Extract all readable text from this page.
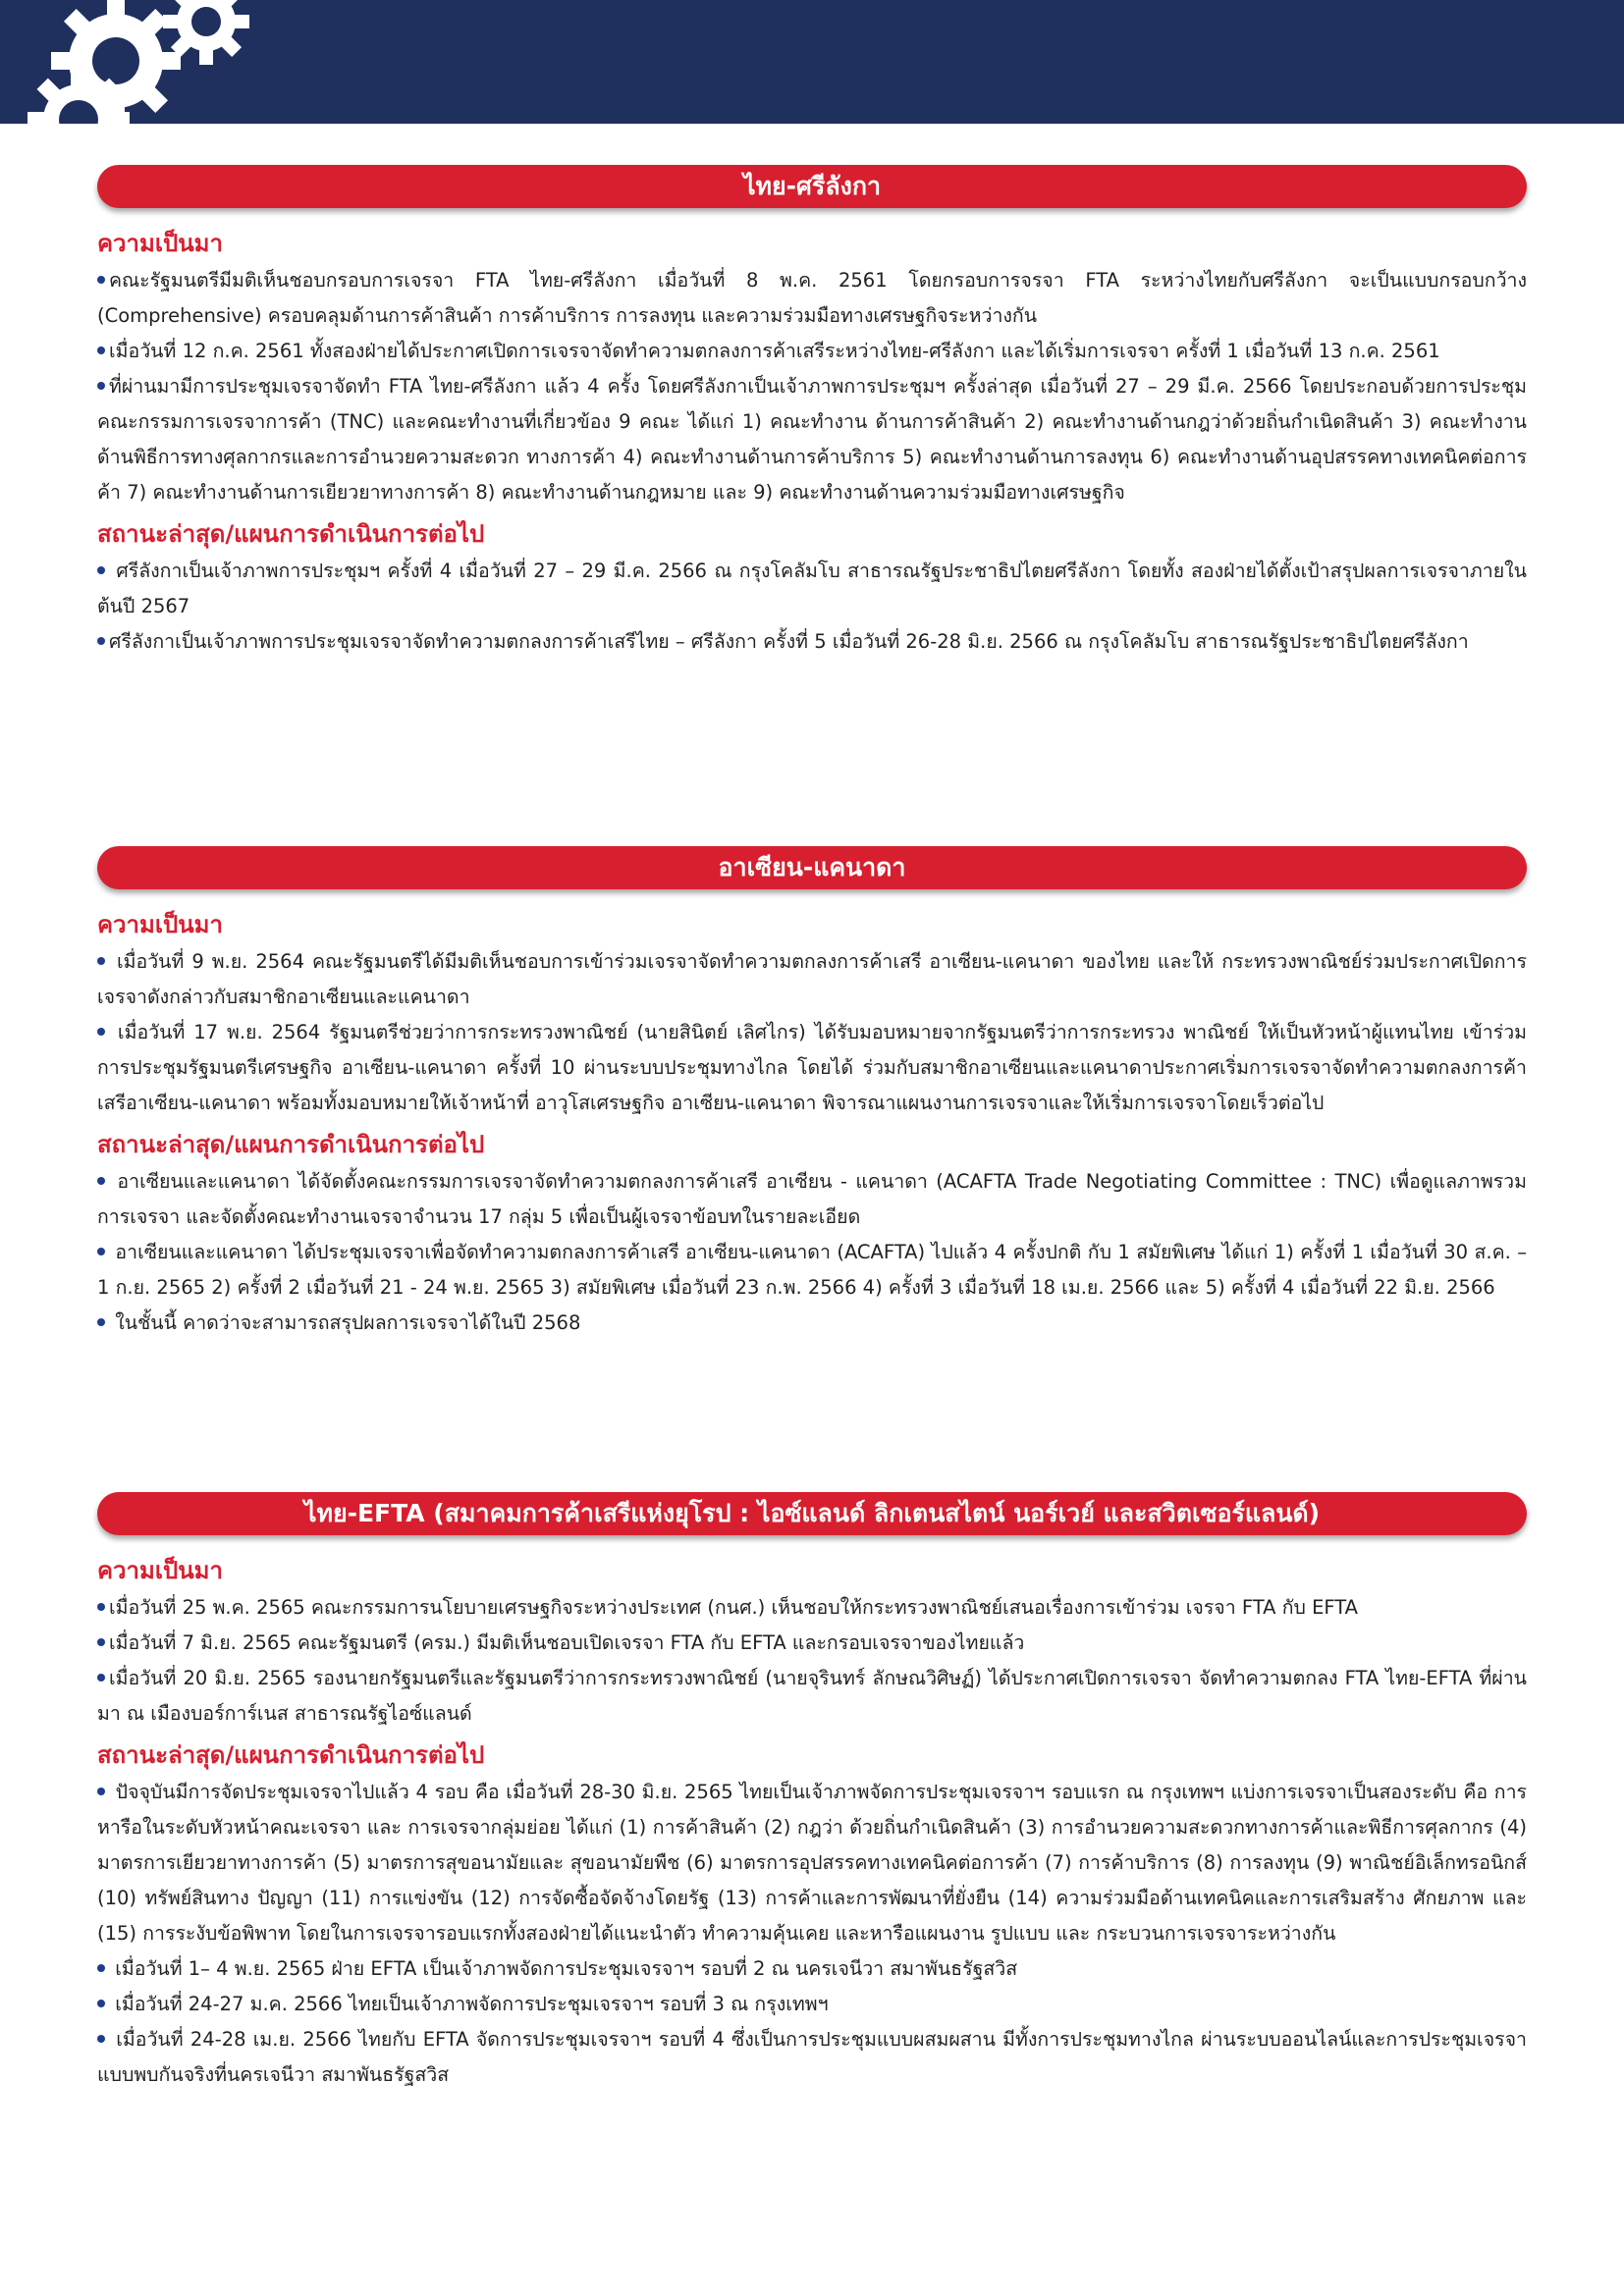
ไทย-ศรีลังกา
ความเป็นมา

คณะรัฐมนตรีมีมติเห็นชอบกรอบการเจรจา FTA ไทย-ศรีลังกา เมื่อวันที่ 8 พ.ค. 2561 โดยกรอบการจรจา FTA ระหว่างไทยกับศรีลังกา จะเป็นแบบกรอบกว้าง (Comprehensive) ครอบคลุมด้านการค้าสินค้า การค้าบริการ การลงทุน และความร่วมมือทางเศรษฐกิจระหว่างกัน

เมื่อวันที่ 12 ก.ค. 2561 ทั้งสองฝ่ายได้ประกาศเปิดการเจรจาจัดทำความตกลงการค้าเสรีระหว่างไทย-ศรีลังกา และได้เริ่มการเจรจา ครั้งที่ 1 เมื่อวันที่ 13 ก.ค. 2561

ที่ผ่านมามีการประชุมเจรจาจัดทำ FTA ไทย-ศรีลังกา แล้ว 4 ครั้ง โดยศรีลังกาเป็นเจ้าภาพการประชุมฯ ครั้งล่าสุด เมื่อวันที่ 27 – 29 มี.ค. 2566 โดยประกอบด้วยการประชุมคณะกรรมการเจรจาการค้า (TNC) และคณะทำงานที่เกี่ยวข้อง 9 คณะ ได้แก่ 1) คณะทำงาน ด้านการค้าสินค้า 2) คณะทำงานด้านกฎว่าด้วยถิ่นกำเนิดสินค้า 3) คณะทำงานด้านพิธีการทางศุลกากรและการอำนวยความสะดวก ทางการค้า 4) คณะทำงานด้านการค้าบริการ 5) คณะทำงานด้านการลงทุน 6) คณะทำงานด้านอุปสรรคทางเทคนิคต่อการค้า 7) คณะทำงานด้านการเยียวยาทางการค้า 8) คณะทำงานด้านกฎหมาย และ 9) คณะทำงานด้านความร่วมมือทางเศรษฐกิจ

สถานะล่าสุด/แผนการดำเนินการต่อไป

ศรีลังกาเป็นเจ้าภาพการประชุมฯ ครั้งที่ 4 เมื่อวันที่ 27 – 29 มี.ค. 2566 ณ กรุงโคลัมโบ สาธารณรัฐประชาธิปไตยศรีลังกา โดยทั้ง สองฝ่ายได้ตั้งเป้าสรุปผลการเจรจาภายในต้นปี 2567

ศรีลังกาเป็นเจ้าภาพการประชุมเจรจาจัดทำความตกลงการค้าเสรีไทย – ศรีลังกา ครั้งที่ 5 เมื่อวันที่ 26-28 มิ.ย. 2566 ณ กรุงโคลัมโบ สาธารณรัฐประชาธิปไตยศรีลังกา

อาเซียน-แคนาดา
ความเป็นมา

เมื่อวันที่ 9 พ.ย. 2564 คณะรัฐมนตรีได้มีมติเห็นชอบการเข้าร่วมเจรจาจัดทำความตกลงการค้าเสรี อาเซียน-แคนาดา ของไทย และให้ กระทรวงพาณิชย์ร่วมประกาศเปิดการเจรจาดังกล่าวกับสมาชิกอาเซียนและแคนาดา

เมื่อวันที่ 17 พ.ย. 2564 รัฐมนตรีช่วยว่าการกระทรวงพาณิชย์ (นายสินิตย์ เลิศไกร) ได้รับมอบหมายจากรัฐมนตรีว่าการกระทรวง พาณิชย์ ให้เป็นหัวหน้าผู้แทนไทย เข้าร่วมการประชุมรัฐมนตรีเศรษฐกิจ อาเซียน-แคนาดา ครั้งที่ 10 ผ่านระบบประชุมทางไกล โดยได้ ร่วมกับสมาชิกอาเซียนและแคนาดาประกาศเริ่มการเจรจาจัดทำความตกลงการค้าเสรีอาเซียน-แคนาดา พร้อมทั้งมอบหมายให้เจ้าหน้าที่ อาวุโสเศรษฐกิจ อาเซียน-แคนาดา พิจารณาแผนงานการเจรจาและให้เริ่มการเจรจาโดยเร็วต่อไป

สถานะล่าสุด/แผนการดำเนินการต่อไป

อาเซียนและแคนาดา ได้จัดตั้งคณะกรรมการเจรจาจัดทำความตกลงการค้าเสรี อาเซียน - แคนาดา (ACAFTA Trade Negotiating Committee : TNC) เพื่อดูแลภาพรวมการเจรจา และจัดตั้งคณะทำงานเจรจาจำนวน 17 กลุ่ม 5 เพื่อเป็นผู้เจรจาข้อบทในรายละเอียด

อาเซียนและแคนาดา ได้ประชุมเจรจาเพื่อจัดทำความตกลงการค้าเสรี อาเซียน-แคนาดา (ACAFTA) ไปแล้ว 4 ครั้งปกติ กับ 1 สมัยพิเศษ ได้แก่ 1) ครั้งที่ 1 เมื่อวันที่ 30 ส.ค. – 1 ก.ย. 2565 2) ครั้งที่ 2 เมื่อวันที่ 21 - 24 พ.ย. 2565 3) สมัยพิเศษ เมื่อวันที่ 23 ก.พ. 2566 4) ครั้งที่ 3 เมื่อวันที่ 18 เม.ย. 2566 และ 5) ครั้งที่ 4 เมื่อวันที่ 22 มิ.ย. 2566

ในชั้นนี้ คาดว่าจะสามารถสรุปผลการเจรจาได้ในปี 2568

ไทย-EFTA (สมาคมการค้าเสรีแห่งยุโรป : ไอซ์แลนด์ ลิกเตนสไตน์ นอร์เวย์ และสวิตเซอร์แลนด์)
ความเป็นมา

เมื่อวันที่ 25 พ.ค. 2565 คณะกรรมการนโยบายเศรษฐกิจระหว่างประเทศ (กนศ.) เห็นชอบให้กระทรวงพาณิชย์เสนอเรื่องการเข้าร่วม เจรจา FTA กับ EFTA

เมื่อวันที่ 7 มิ.ย. 2565 คณะรัฐมนตรี (ครม.) มีมติเห็นชอบเปิดเจรจา FTA กับ EFTA และกรอบเจรจาของไทยแล้ว

เมื่อวันที่ 20 มิ.ย. 2565 รองนายกรัฐมนตรีและรัฐมนตรีว่าการกระทรวงพาณิชย์ (นายจุรินทร์ ลักษณวิศิษฏ์) ได้ประกาศเปิดการเจรจา จัดทำความตกลง FTA ไทย-EFTA ที่ผ่านมา ณ เมืองบอร์การ์เนส สาธารณรัฐไอซ์แลนด์

สถานะล่าสุด/แผนการดำเนินการต่อไป

ปัจจุบันมีการจัดประชุมเจรจาไปแล้ว 4 รอบ คือ เมื่อวันที่ 28-30 มิ.ย. 2565 ไทยเป็นเจ้าภาพจัดการประชุมเจรจาฯ รอบแรก ณ กรุงเทพฯ แบ่งการเจรจาเป็นสองระดับ คือ การหารือในระดับหัวหน้าคณะเจรจา และ การเจรจากลุ่มย่อย ได้แก่ (1) การค้าสินค้า (2) กฎว่า ด้วยถิ่นกำเนิดสินค้า (3) การอำนวยความสะดวกทางการค้าและพิธีการศุลกากร (4) มาตรการเยียวยาทางการค้า (5) มาตรการสุขอนามัยและ สุขอนามัยพืช (6) มาตรการอุปสรรคทางเทคนิคต่อการค้า (7) การค้าบริการ (8) การลงทุน (9) พาณิชย์อิเล็กทรอนิกส์ (10) ทรัพย์สินทาง ปัญญา (11) การแข่งขัน (12) การจัดซื้อจัดจ้างโดยรัฐ (13) การค้าและการพัฒนาที่ยั่งยืน (14) ความร่วมมือด้านเทคนิคและการเสริมสร้าง ศักยภาพ และ (15) การระงับข้อพิพาท โดยในการเจรจารอบแรกทั้งสองฝ่ายได้แนะนำตัว ทำความคุ้นเคย และหารือแผนงาน รูปแบบ และ กระบวนการเจรจาระหว่างกัน

เมื่อวันที่ 1– 4 พ.ย. 2565 ฝ่าย EFTA เป็นเจ้าภาพจัดการประชุมเจรจาฯ รอบที่ 2 ณ นครเจนีวา สมาพันธรัฐสวิส

เมื่อวันที่ 24-27 ม.ค. 2566 ไทยเป็นเจ้าภาพจัดการประชุมเจรจาฯ รอบที่ 3 ณ กรุงเทพฯ

เมื่อวันที่ 24-28 เม.ย. 2566 ไทยกับ EFTA จัดการประชุมเจรจาฯ รอบที่ 4 ซึ่งเป็นการประชุมแบบผสมผสาน มีทั้งการประชุมทางไกล ผ่านระบบออนไลน์และการประชุมเจรจาแบบพบกันจริงที่นครเจนีวา สมาพันธรัฐสวิส
